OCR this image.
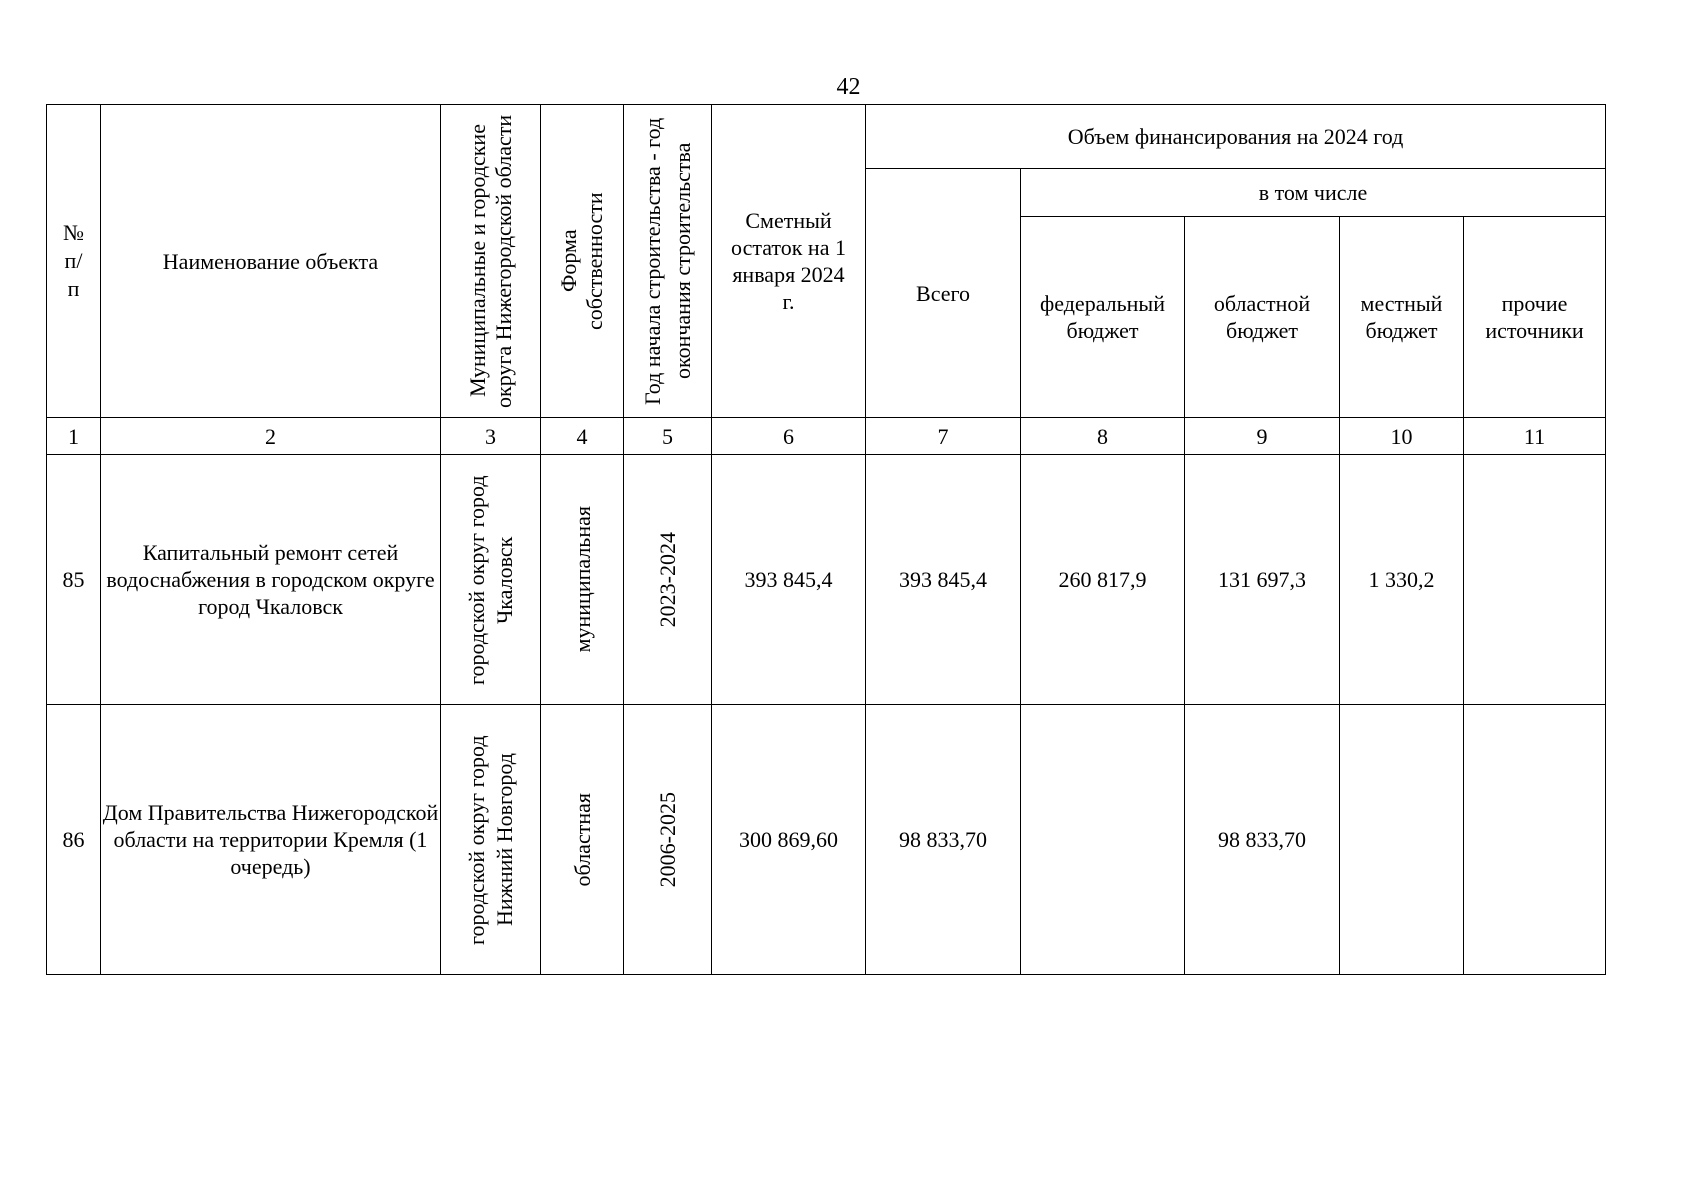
42
№ п/ п	Наименование объекта	Муниципальные и городские округа Нижегородской области	Форма собственности	Год начала строительства - год окончания строительства	Сметный остаток на 1 января 2024 г.	Объем финансирования на 2024 год				
						Всего	в том числе			

							федеральный бюджет	областной бюджет	местный бюджет	прочие источники

1	2	3	4	5	6	7	8	9	10	11
85	Капитальный ремонт сетей водоснабжения в городском округе город Чкаловск	городской округ город Чкаловск	муниципальная	2023-2024	393 845,4	393 845,4	260 817,9	131 697,3	1 330,2	
86	Дом Правительства Нижегородской области на территории Кремля (1 очередь)	городской округ город Нижний Новгород	областная	2006-2025	300 869,60	98 833,70		98 833,70		
